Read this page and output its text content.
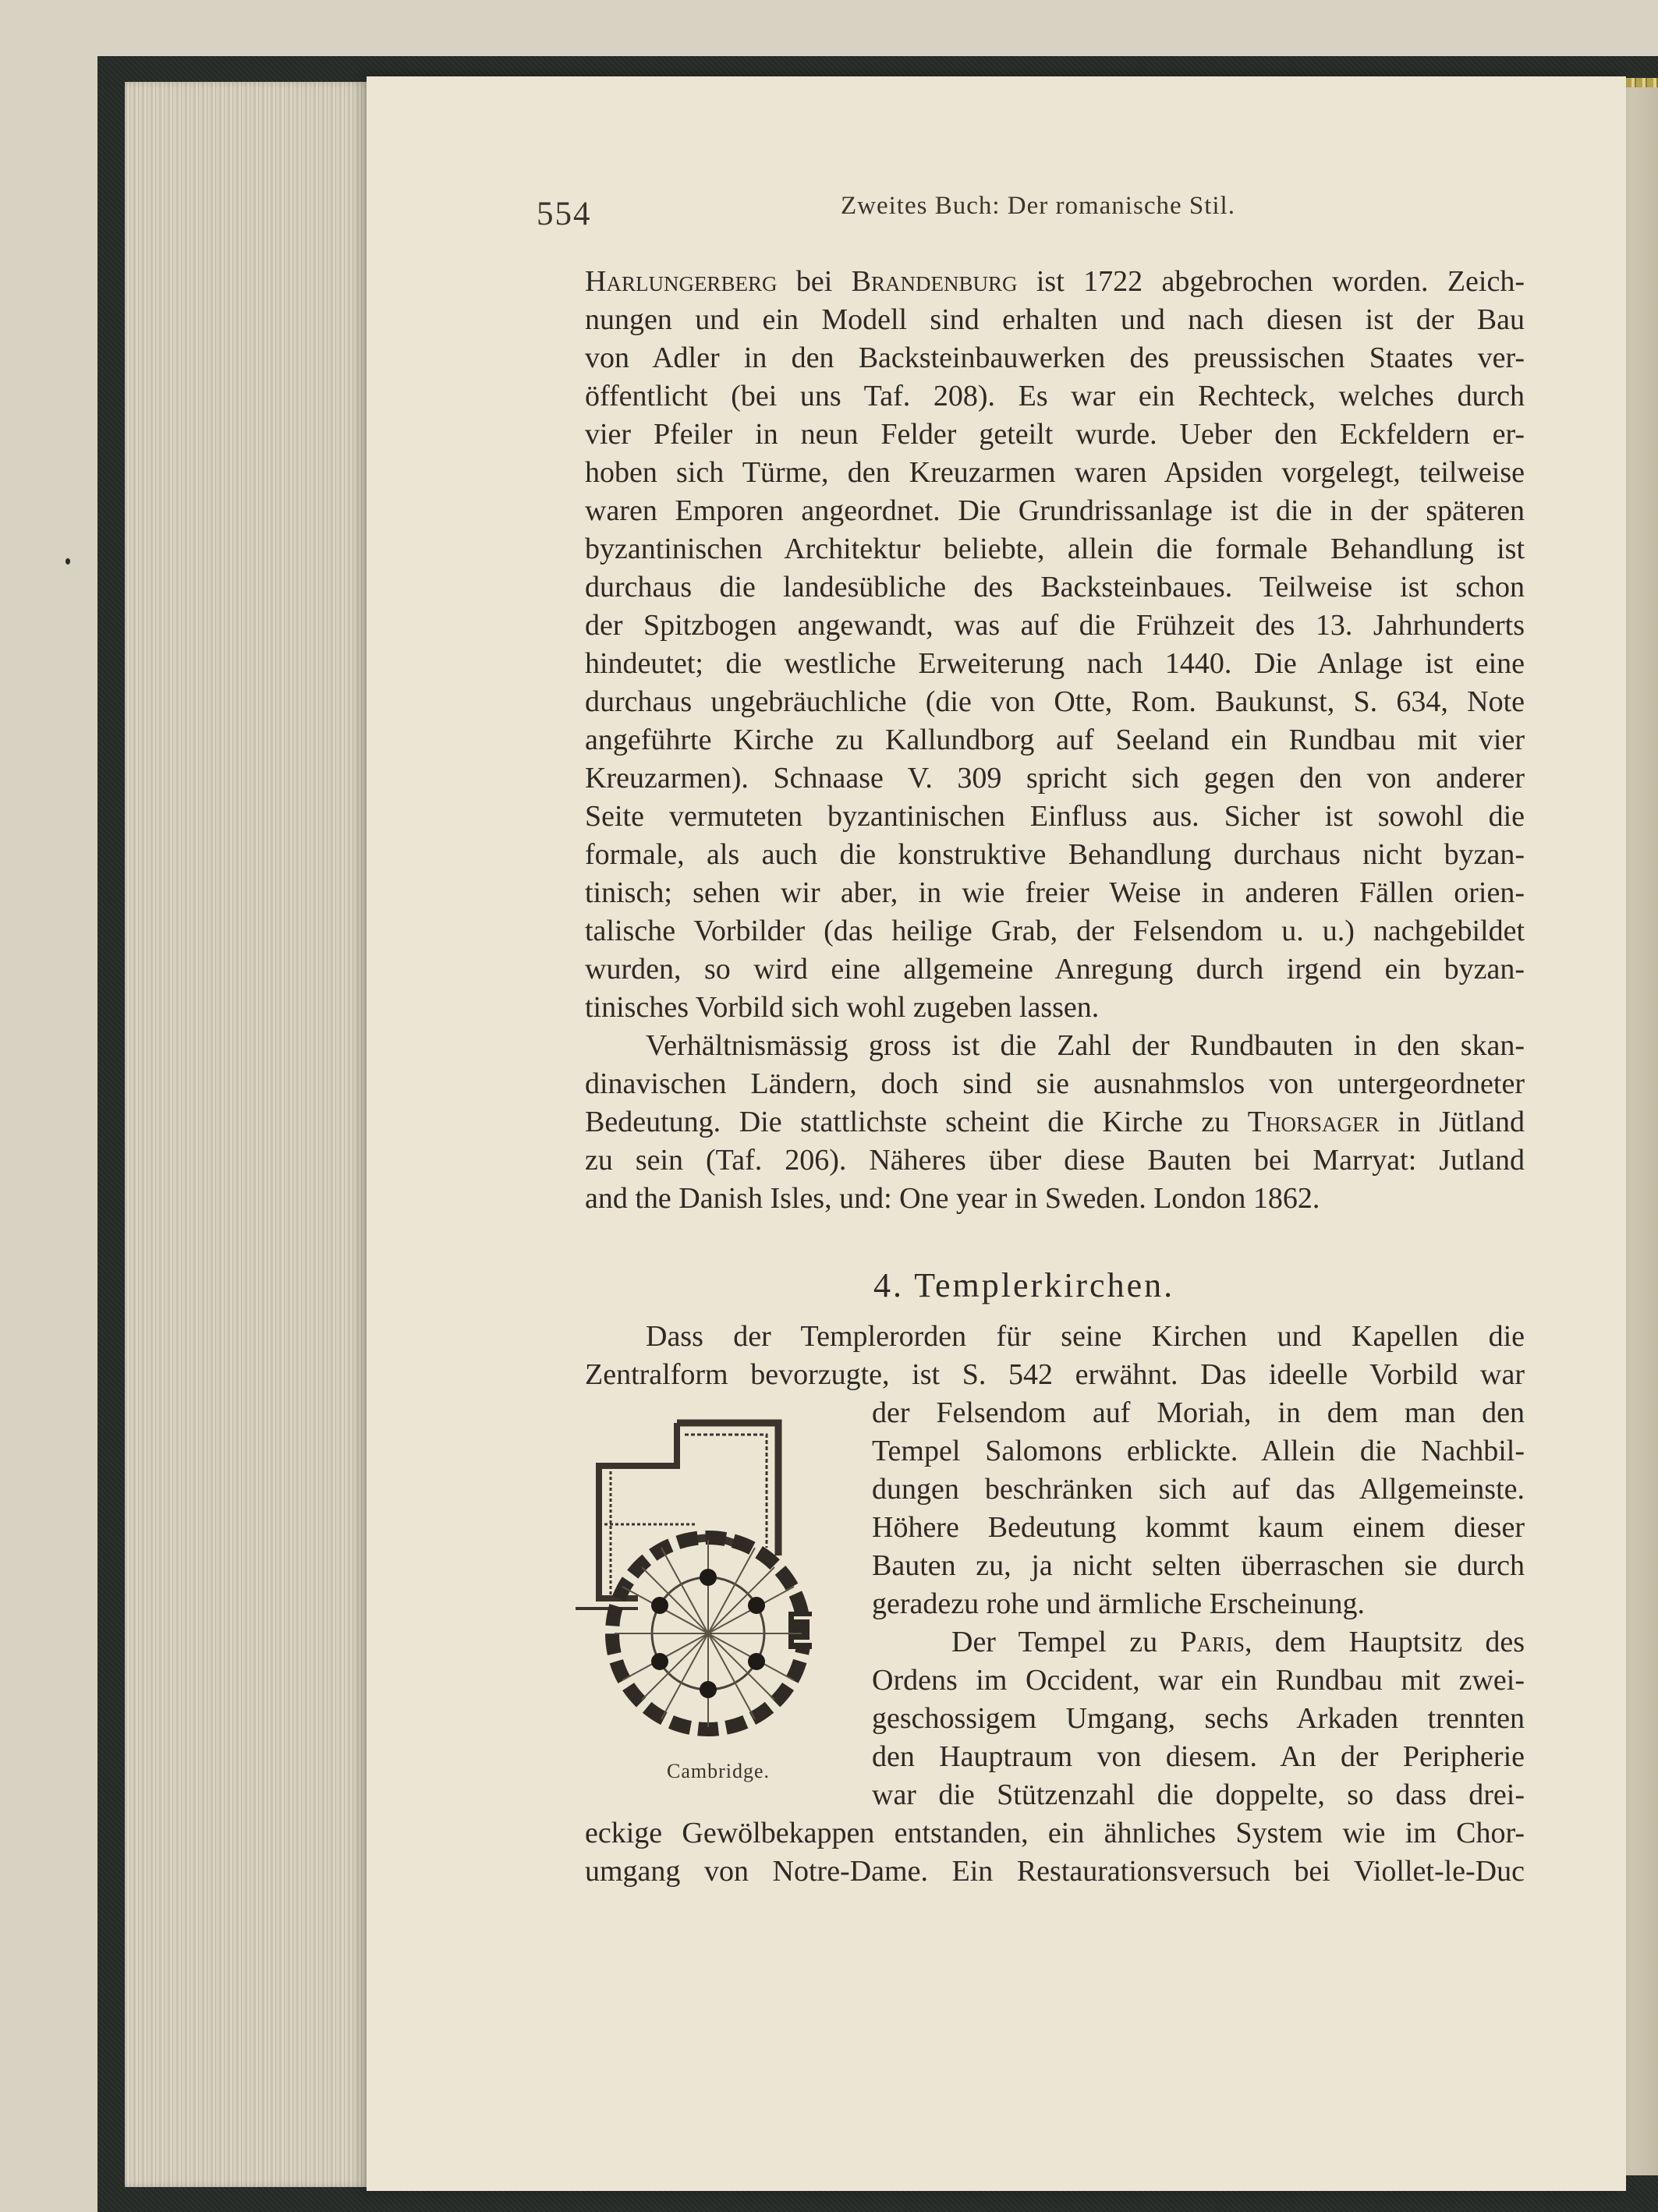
554	Zweites Buch: Der romanische Stil.
Harlungerberg bei Brandenburg ist 1722 abgebrochen worden. Zeich-
nungen und ein Modell sind erhalten und nach diesen ist der Bau
von Adler in den Backsteinbauwerken des preussischen Staates ver-
öffentlicht (bei uns Taf. 208). Es war ein Rechteck, welches durch
vier Pfeiler in neun Felder geteilt wurde. Ueber den Eckfeldern er-
hoben sich Türme, den Kreuzarmen waren Apsiden vorgelegt, teilweise
waren Emporen angeordnet. Die Grundrissanlage ist die in der späteren
byzantinischen Architektur beliebte, allein die formale Behandlung ist
durchaus die landesübliche des Backsteinbaues. Teilweise ist schon
der Spitzbogen angewandt, was auf die Frühzeit des 13. Jahrhunderts
hindeutet; die westliche Erweiterung nach 1440. Die Anlage ist eine
durchaus ungebräuchliche (die von Otte, Rom. Baukunst, S. 634, Note
angeführte Kirche zu Kallundborg auf Seeland ein Rundbau mit vier
Kreuzarmen). Schnaase V. 309 spricht sich gegen den von anderer
Seite vermuteten byzantinischen Einfluss aus. Sicher ist sowohl die
formale, als auch die konstruktive Behandlung durchaus nicht byzan-
tinisch; sehen wir aber, in wie freier Weise in anderen Fällen orien-
talische Vorbilder (das heilige Grab, der Felsendom u. u.) nachgebildet
wurden, so wird eine allgemeine Anregung durch irgend ein byzan-
tinisches Vorbild sich wohl zugeben lassen.
Verhältnismässig gross ist die Zahl der Rundbauten in den skan-
dinavischen Ländern, doch sind sie ausnahmslos von untergeordneter
Bedeutung. Die stattlichste scheint die Kirche zu Thorsager in Jütland
zu sein (Taf. 206). Näheres über diese Bauten bei Marryat: Jutland
and the Danish Isles, und: One year in Sweden. London 1862.
4. Templerkirchen.
Dass der Templerorden für seine Kirchen und Kapellen die
Zentralform bevorzugte, ist S. 542 erwähnt. Das ideelle Vorbild war
der Felsendom auf Moriah, in dem man den
Tempel Salomons erblickte. Allein die Nachbil-
dungen beschränken sich auf das Allgemeinste.
Höhere Bedeutung kommt kaum einem dieser
Bauten zu, ja nicht selten überraschen sie durch
geradezu rohe und ärmliche Erscheinung.
Der Tempel zu Paris, dem Hauptsitz des
Ordens im Occident, war ein Rundbau mit zwei-
geschossigem Umgang, sechs Arkaden trennten
den Hauptraum von diesem. An der Peripherie
war die Stützenzahl die doppelte, so dass drei-
eckige Gewölbekappen entstanden, ein ähnliches System wie im Chor-
umgang von Notre-Dame. Ein Restaurationsversuch bei Viollet-le-Duc
Cambridge.
